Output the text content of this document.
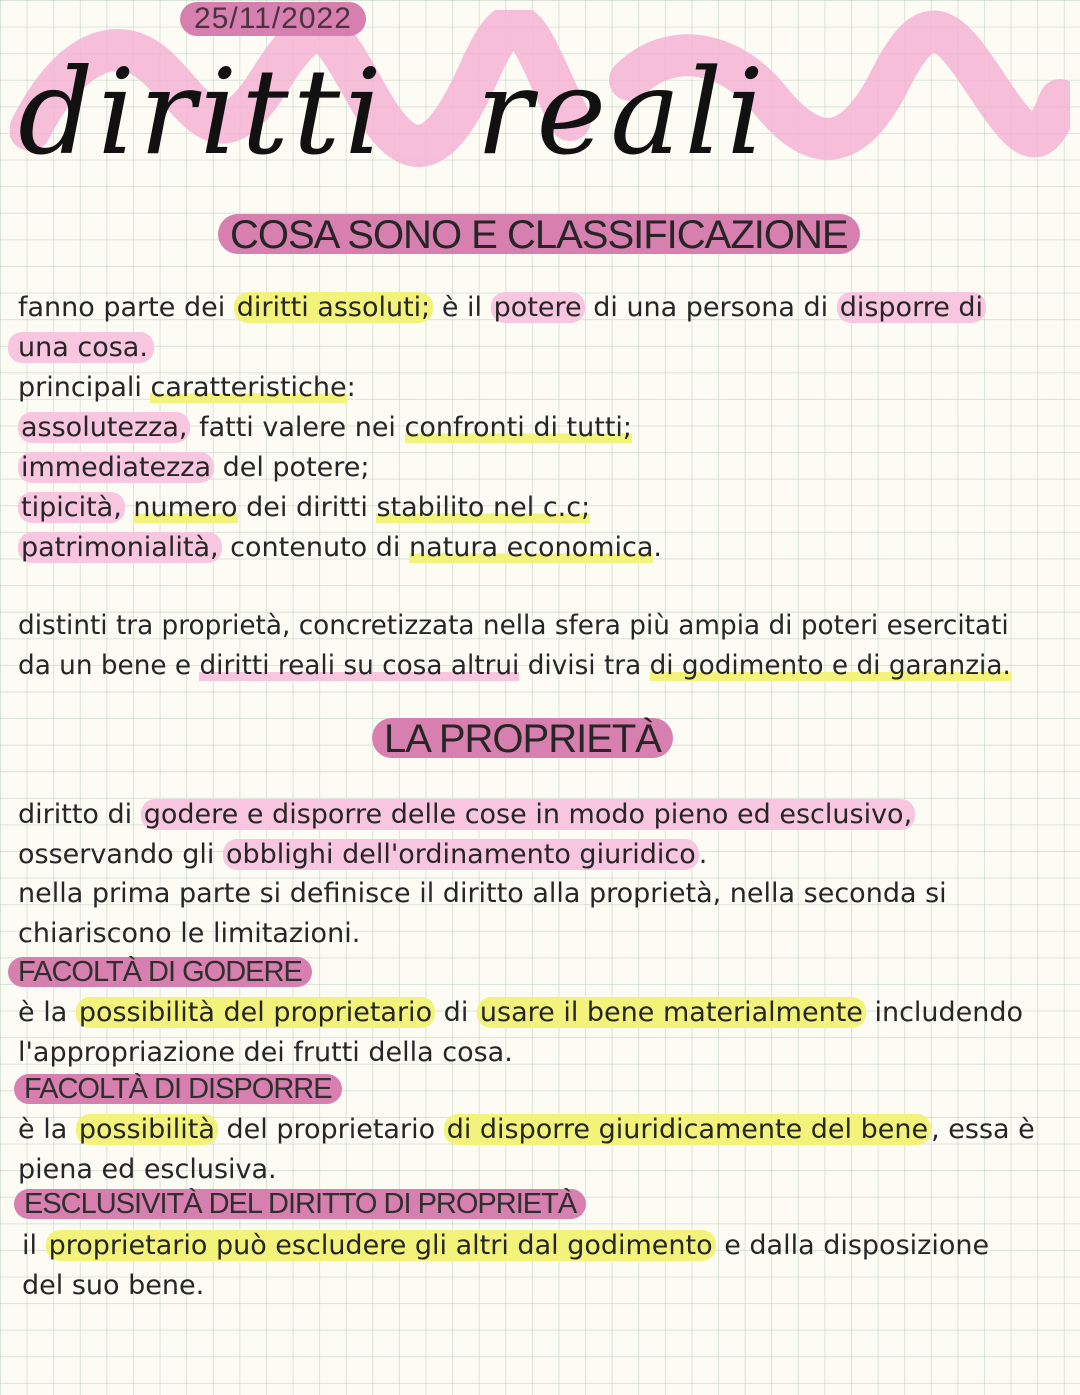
25/11/2022
diritti reali
COSA SONO E CLASSIFICAZIONE
fanno parte dei diritti assoluti; è il potere di una persona di disporre di
una cosa.
principali caratteristiche:
assolutezza, fatti valere nei confronti di tutti;
immediatezza del potere;
tipicità, numero dei diritti stabilito nel c.c;
patrimonialità, contenuto di natura economica.
distinti tra proprietà, concretizzata nella sfera più ampia di poteri esercitati
da un bene e diritti reali su cosa altrui divisi tra di godimento e di garanzia.
LA PROPRIETÀ
diritto di godere e disporre delle cose in modo pieno ed esclusivo,
osservando gli obblighi dell'ordinamento giuridico .
nella prima parte si definisce il diritto alla proprietà, nella seconda si
chiariscono le limitazioni.
FACOLTÀ DI GODERE
è la possibilità del proprietario di usare il bene materialmente includendo
l'appropriazione dei frutti della cosa.
FACOLTÀ DI DISPORRE
è la possibilità del proprietario di disporre giuridicamente del bene , essa è
piena ed esclusiva.
ESCLUSIVITÀ DEL DIRITTO DI PROPRIETÀ
il proprietario può escludere gli altri dal godimento e dalla disposizione
del suo bene.
